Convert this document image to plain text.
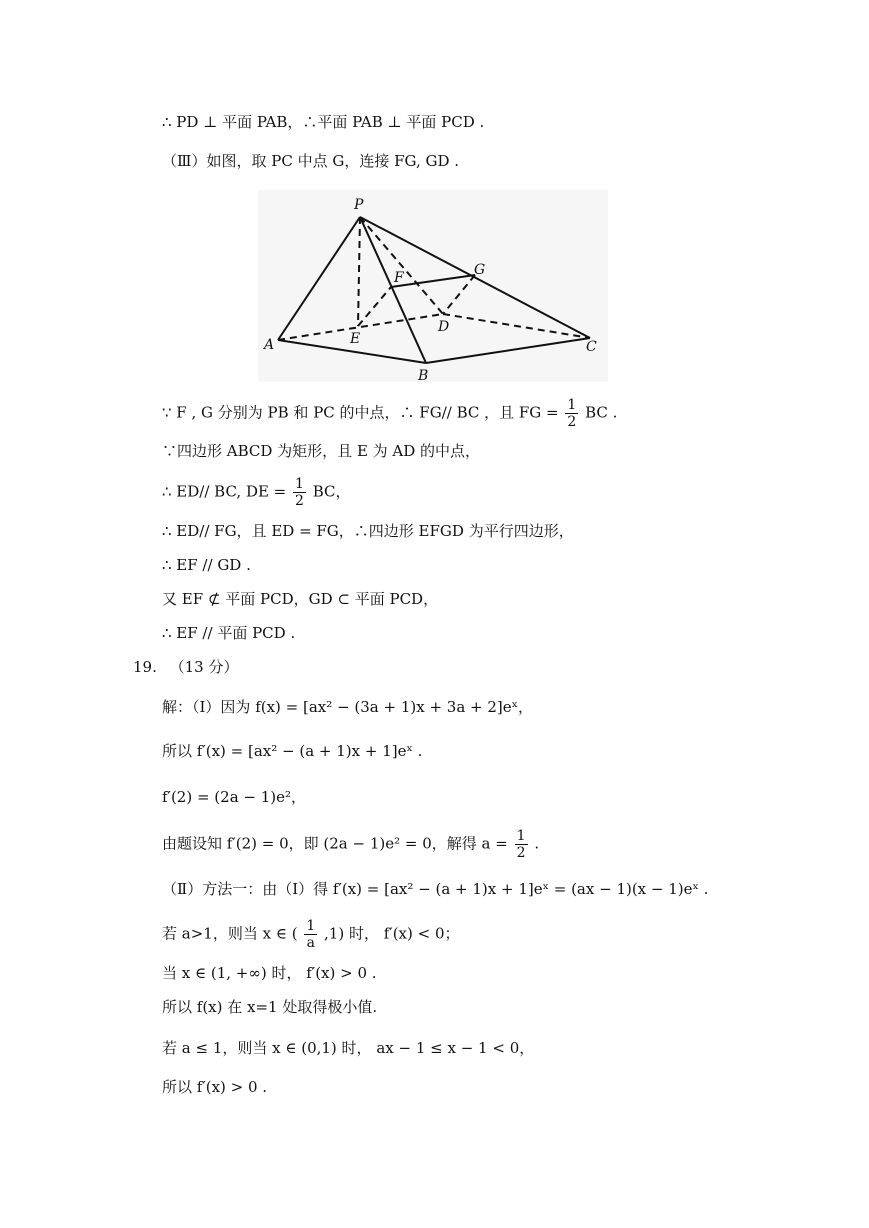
∴ PD ⊥ 平面 PAB，∴平面 PAB ⊥ 平面 PCD .
（Ⅲ）如图，取 PC 中点 G，连接 FG, GD .
P
A
B
C
D
E
F	G
∵ F , G 分别为 PB 和 PC 的中点，∴ FG// BC ，且 FG = $\frac{1}{2}$ BC .
∵四边形 ABCD 为矩形，且 E 为 AD 的中点，
∴ ED// BC, DE = $\frac{1}{2}$ BC，
∴ ED// FG，且 ED = FG，∴四边形 EFGD 为平行四边形，
∴ EF // GD .
又 EF ⊄ 平面 PCD，GD ⊂ 平面 PCD，
∴ EF // 平面 PCD .
19. （13 分）
解：（Ⅰ）因为 f(x) = [ax² − (3a + 1)x + 3a + 2]eˣ，
所以 f′(x) = [ax² − (a + 1)x + 1]eˣ .
f′(2) = (2a − 1)e²，
由题设知 f′(2) = 0，即 (2a − 1)e² = 0，解得 $a = \frac{1}{2}$ .
（Ⅱ）方法一：由（Ⅰ）得 f′(x) = [ax² − (a + 1)x + 1]eˣ = (ax − 1)(x − 1)eˣ .
若 a>1，则当 x ∈ ( $\frac{1}{a} ,1$) 时， f′(x) < 0；
当 x ∈ (1, +∞) 时， f′(x) > 0 .
所以 f(x) 在 x=1 处取得极小值.
若 a ≤ 1，则当 x ∈ (0,1) 时， ax − 1 ≤ x − 1 < 0，
所以 f′(x) > 0 .
